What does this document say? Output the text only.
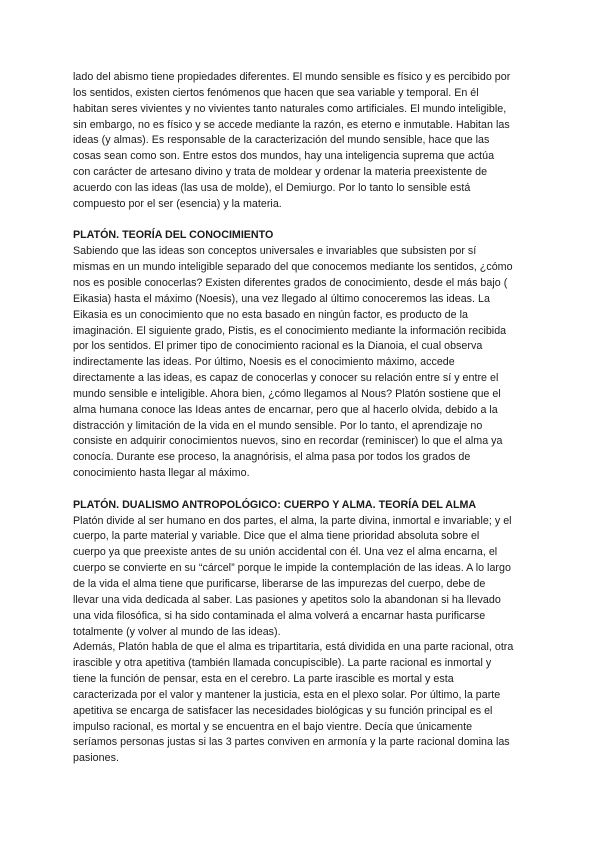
lado del abismo tiene propiedades diferentes. El mundo sensible es físico y es percibido por
los sentidos, existen ciertos fenómenos que hacen que sea variable y temporal. En él
habitan seres vivientes y no vivientes tanto naturales como artificiales. El mundo inteligible,
sin embargo, no es físico y se accede mediante la razón, es eterno e inmutable. Habitan las
ideas (y almas). Es responsable de la caracterización del mundo sensible, hace que las
cosas sean como son. Entre estos dos mundos, hay una inteligencia suprema que actúa
con carácter de artesano divino y trata de moldear y ordenar la materia preexistente de
acuerdo con las ideas (las usa de molde), el Demiurgo. Por lo tanto lo sensible está
compuesto por el ser (esencia) y la materia.

PLATÓN. TEORÍA DEL CONOCIMIENTO

Sabiendo que las ideas son conceptos universales e invariables que subsisten por sí
mismas en un mundo inteligible separado del que conocemos mediante los sentidos, ¿cómo
nos es posible conocerlas? Existen diferentes grados de conocimiento, desde el más bajo (
Eikasia) hasta el máximo (Noesis), una vez llegado al último conoceremos las ideas. La
Eikasia es un conocimiento que no esta basado en ningún factor, es producto de la
imaginación. El siguiente grado, Pistis, es el conocimiento mediante la información recibida
por los sentidos. El primer tipo de conocimiento racional es la Dianoia, el cual observa
indirectamente las ideas. Por último, Noesis es el conocimiento máximo, accede
directamente a las ideas, es capaz de conocerlas y conocer su relación entre sí y entre el
mundo sensible e inteligible. Ahora bien, ¿cómo llegamos al Nous? Platón sostiene que el
alma humana conoce las Ideas antes de encarnar, pero que al hacerlo olvida, debido a la
distracción y limitación de la vida en el mundo sensible. Por lo tanto, el aprendizaje no
consiste en adquirir conocimientos nuevos, sino en recordar (reminiscer) lo que el alma ya
conocía. Durante ese proceso, la anagnórisis, el alma pasa por todos los grados de
conocimiento hasta llegar al máximo.

PLATÓN. DUALISMO ANTROPOLÓGICO: CUERPO Y ALMA. TEORÍA DEL ALMA

Platón divide al ser humano en dos partes, el alma, la parte divina, inmortal e invariable; y el
cuerpo, la parte material y variable. Dice que el alma tiene prioridad absoluta sobre el
cuerpo ya que preexiste antes de su unión accidental con él. Una vez el alma encarna, el
cuerpo se convierte en su “cárcel” porque le impide la contemplación de las ideas. A lo largo
de la vida el alma tiene que purificarse, liberarse de las impurezas del cuerpo, debe de
llevar una vida dedicada al saber. Las pasiones y apetitos solo la abandonan si ha llevado
una vida filosófica, si ha sido contaminada el alma volverá a encarnar hasta purificarse
totalmente (y volver al mundo de las ideas).

Además, Platón habla de que el alma es tripartitaria, está dividida en una parte racional, otra
irascible y otra apetitiva (también llamada concupiscible). La parte racional es inmortal y
tiene la función de pensar, esta en el cerebro. La parte irascible es mortal y esta
caracterizada por el valor y mantener la justicia, esta en el plexo solar. Por último, la parte
apetitiva se encarga de satisfacer las necesidades biológicas y su función principal es el
impulso racional, es mortal y se encuentra en el bajo vientre. Decía que únicamente
seríamos personas justas si las 3 partes conviven en armonía y la parte racional domina las
pasiones.
